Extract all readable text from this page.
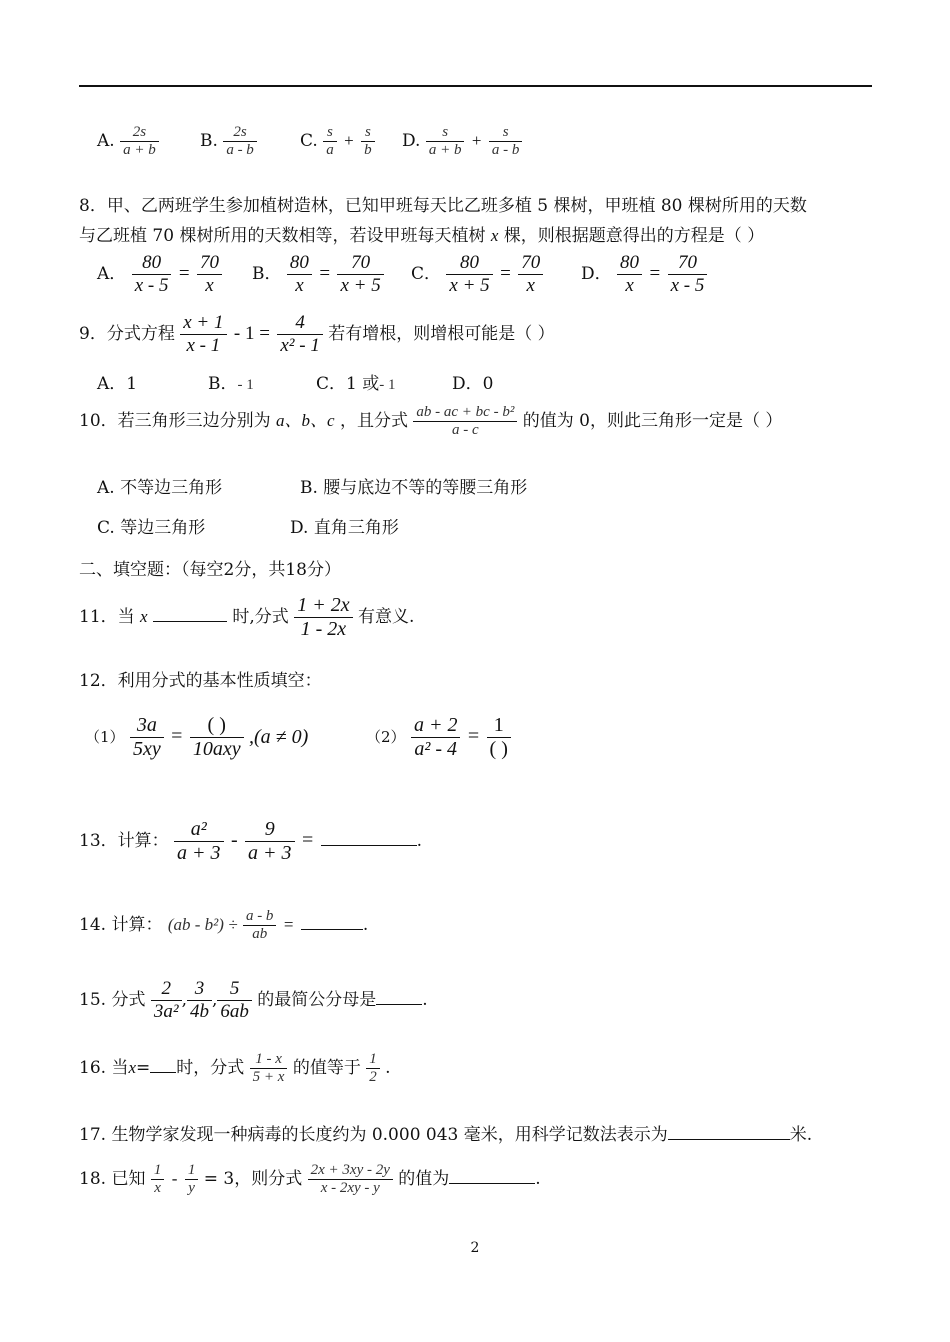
A. $\frac{2s}{a + b} B$. $\frac{2s}{a - b}$	C. $\frac{s}{a} + \frac{s}{b} D$. $\frac{s}{a + b} + \frac{s}{a - b}$
8．甲、乙两班学生参加植树造林，已知甲班每天比乙班多植 5 棵树，甲班植 80 棵树所用的天数
与乙班植 70 棵树所用的天数相等，若设甲班每天植树 x 棵，则根据题意得出的方程是（ ）
A． $\frac{80}{x - 5} = \frac{70}{x}$ B． $\frac{80}{x} = \frac{70}{x + 5}$ C． $\frac{80}{x + 5} = \frac{70}{x}$ D． $\frac{80}{x} = \frac{70}{x - 5}$
9．分式方程 $\frac{x + 1}{x - 1} - 1 = \frac{4}{\text{x² - 1}}$ 若有增根，则增根可能是（ ）
A．1	B．- 1	C．1 或- 1	D．0
10．若三角形三边分别为 a、b、c ，且分式 $\frac{\text{ab - ac + bc - b²}}{a - c}$ 的值为 0，则此三角形一定是（ ）
A. 不等边三角形	B. 腰与底边不等的等腰三角形
C. 等边三角形	D. 直角三角形
二、填空题：（每空2分，共18分）
11．当 x	时,分式 $\frac{1 + 2x}{1 - 2x}$ 有意义.
12．利用分式的基本性质填空：
$(1) \frac{3a}{5xy} = \frac{( )}{\text{10axy}} ,(a \ne 0)$	$(2) \frac{a + 2}{\text{a² - 4}} = \frac{1}{( )}$
13．计算： $\frac{\text{a²}}{a + 3} - \frac{9}{a + 3}$ =	.
14. 计算： $(ab - b^2) \div \frac{a - b}{ab}$ =	.
15. 分式 $\frac{2}{\text{3a²}}$ , $\frac{3}{4b}$ , $\frac{5}{6ab}$ 的最简公分母是	.
16. 当x= 时，分式 $\frac{1 - x}{5 + x}$ 的值等于 $\frac{1}{2}$ .
17. 生物学家发现一种病毒的长度约为 0.000 043 毫米，用科学记数法表示为	米.
18. 已知 $\frac{1}{x} - \frac{1}{y} = 3$，则分式 $\frac{2x + 3xy - 2y}{x - 2xy - y}$ 的值为	.
2
